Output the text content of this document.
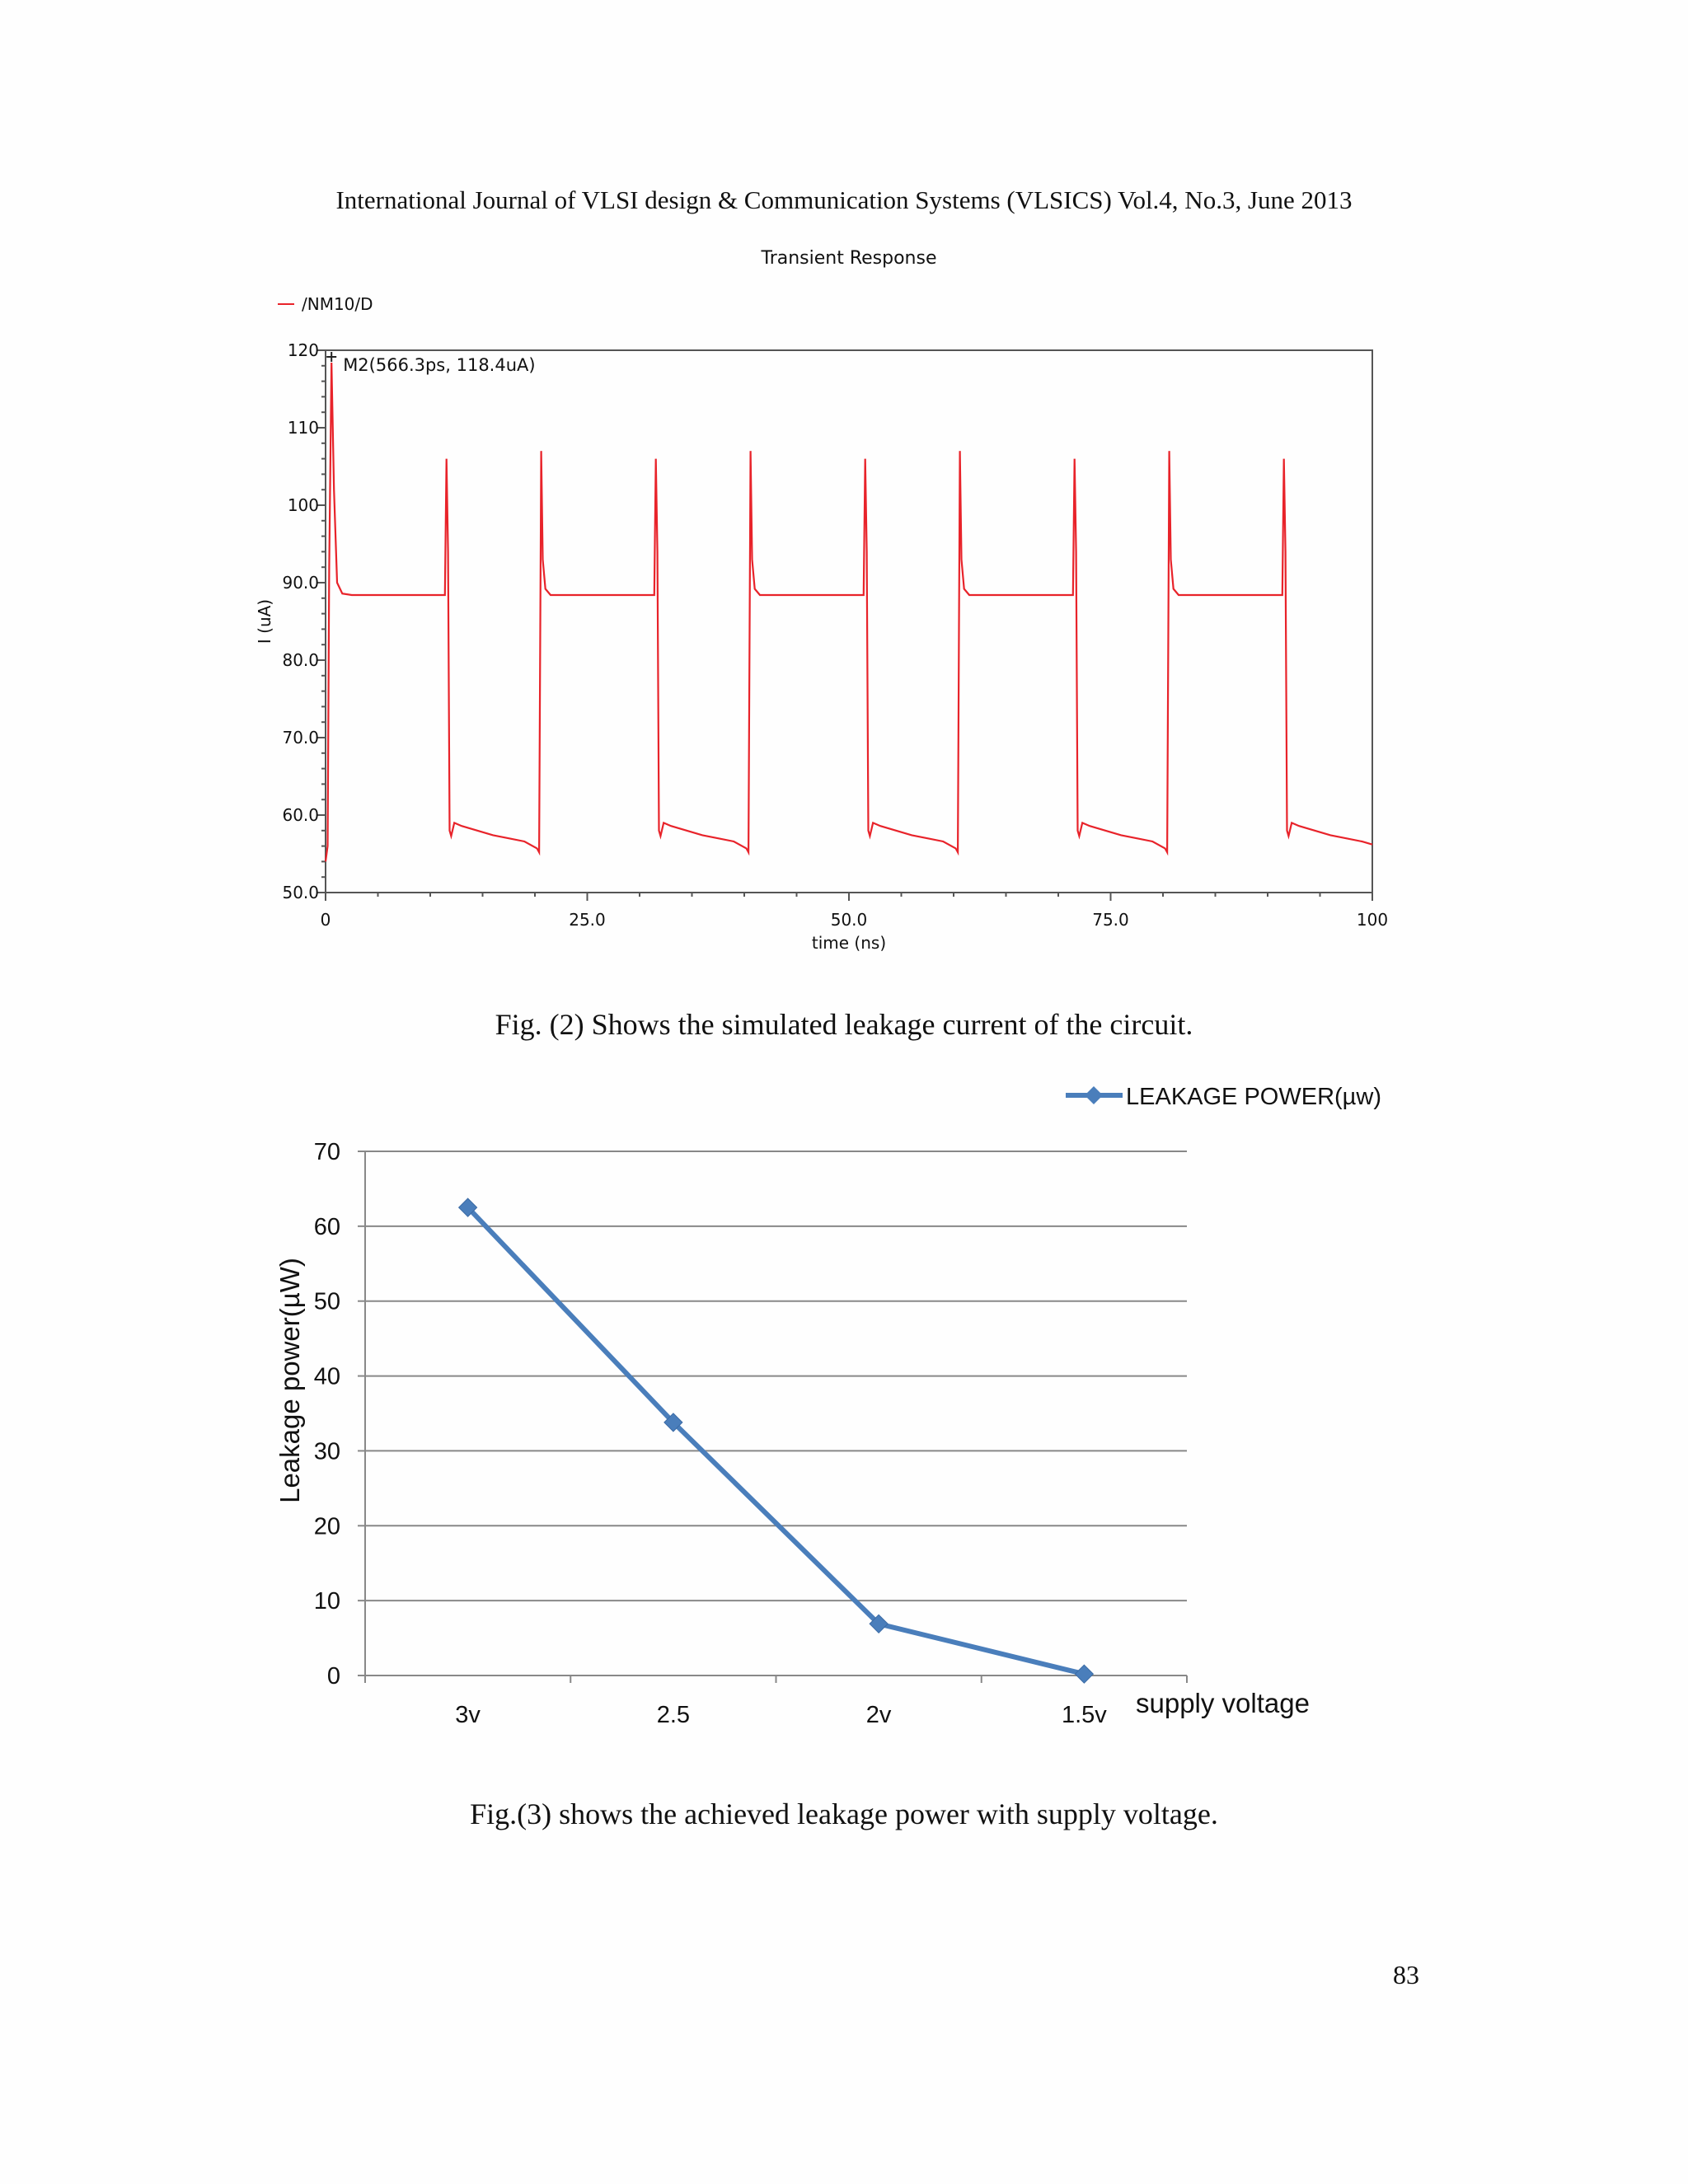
International Journal of VLSI design & Communication Systems (VLSICS) Vol.4, No.3, June 2013
Transient Response
/NM10/D
50.0
60.0
70.0
80.0
90.0
100
110
120
0	25.0	50.0	75.0	100
time (ns)
I (uA)
M2(566.3ps, 118.4uA)
Fig. (2) Shows the simulated leakage current of the circuit.
0
10
20
30
40
50
60
70
3v	2.5	2v	1.5v supply voltage
Leakage power(µW)
LEAKAGE POWER(µw)
Fig.(3) shows the achieved leakage power with supply voltage.
83
